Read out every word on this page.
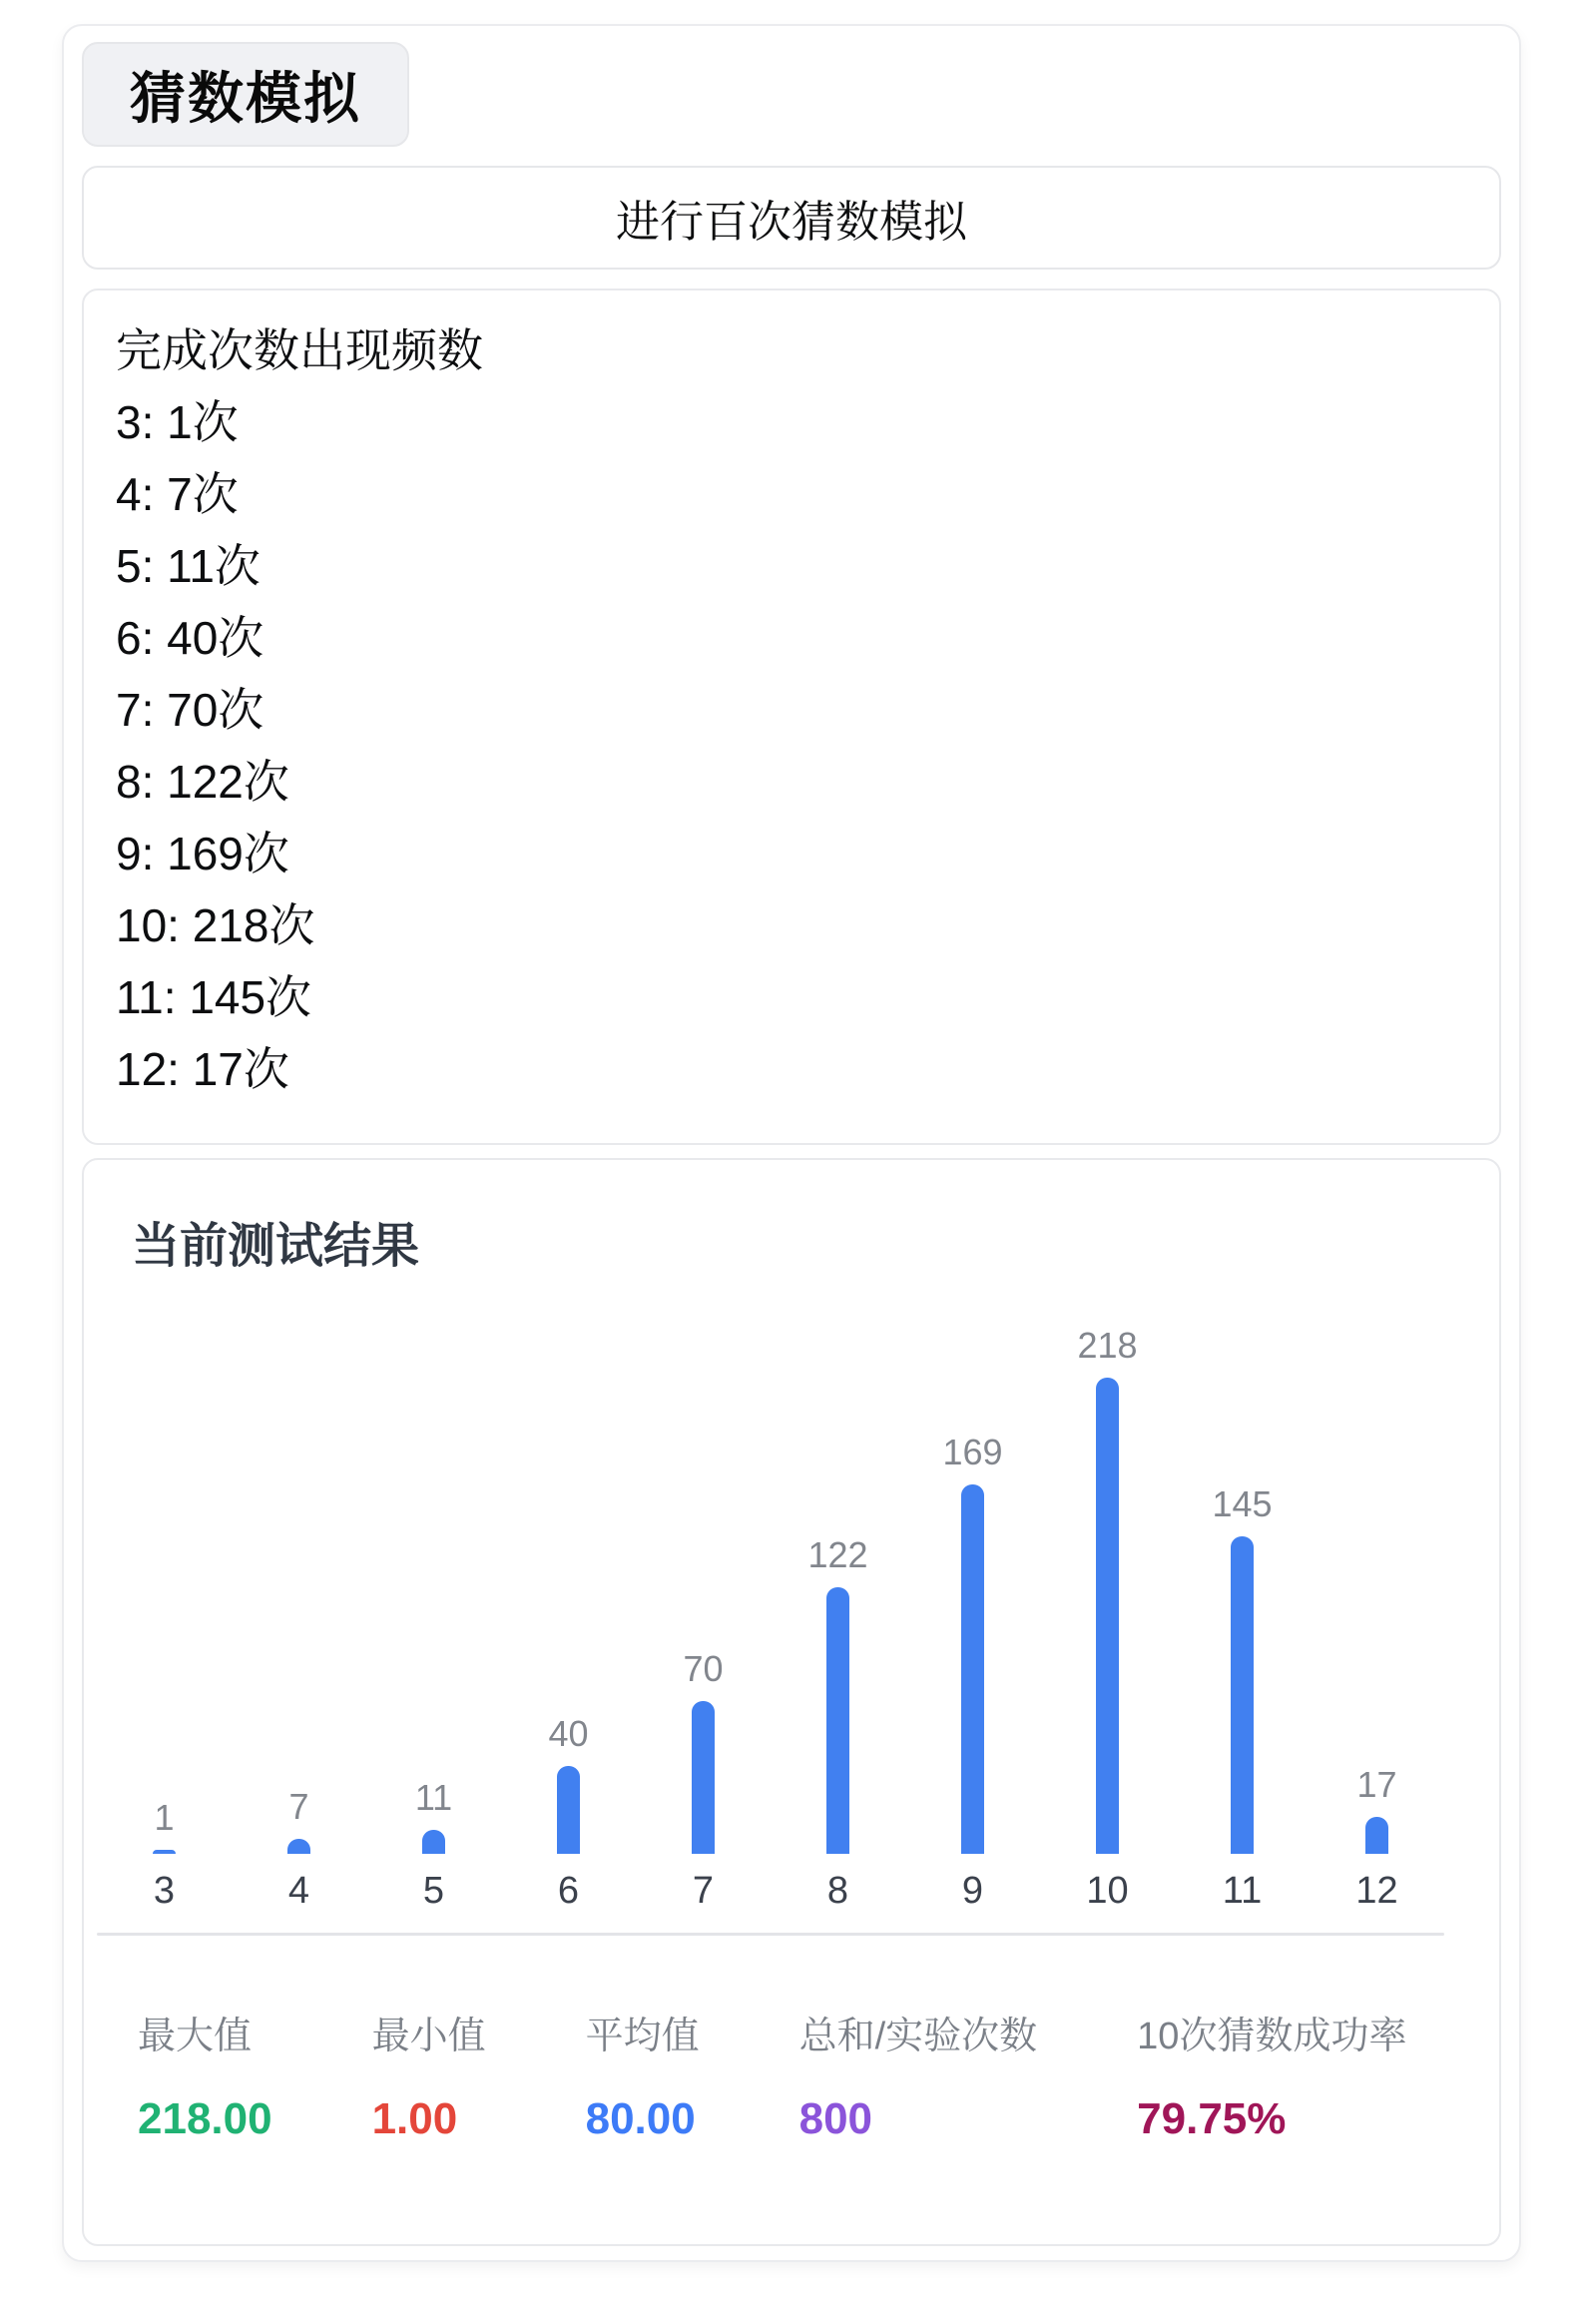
猜数模拟
进行百次猜数模拟
完成次数出现频数
3: 1次
4: 7次
5: 11次
6: 40次
7: 70次
8: 122次
9: 169次
10: 218次
11: 145次
12: 17次
当前测试结果
1	7	11
40
70
122
169
218
145
17
3	4	5	6	7	8	9	10	11	12
最大值
218.00
最小值
1.00
平均值
80.00
总和/实验次数
800
10次猜数成功率
79.75%
